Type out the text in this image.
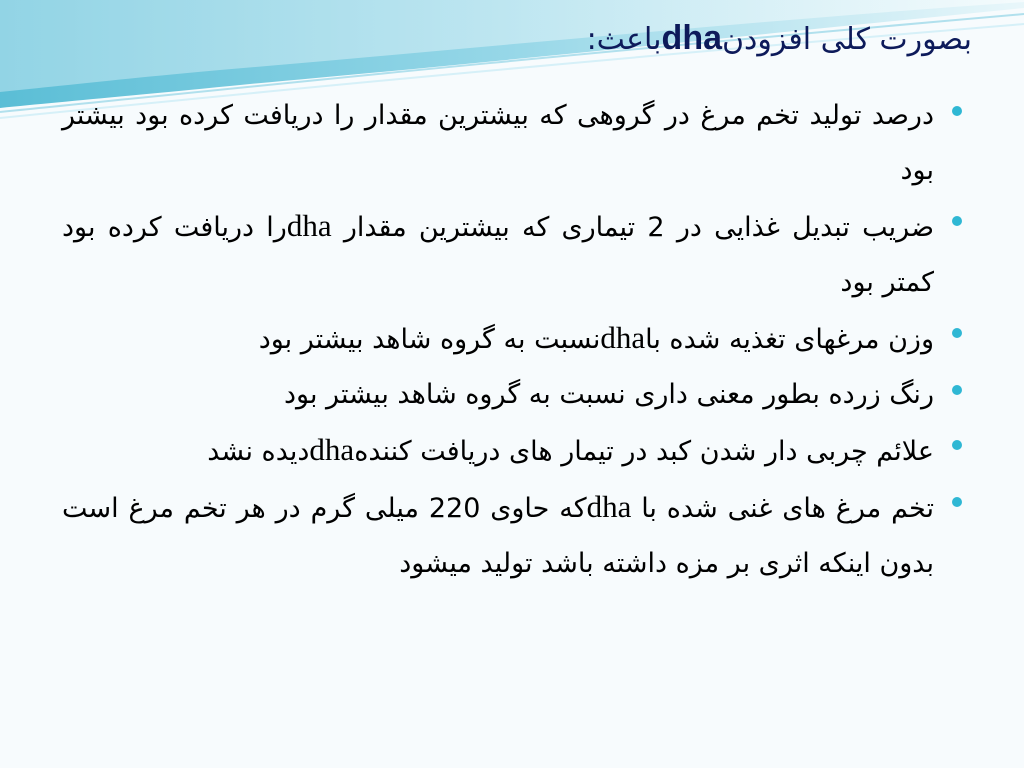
بصورت کلی افزودنdhaباعث:
درصد تولید تخم مرغ در گروهی که بیشترین مقدار را دریافت کرده بود بیشتر بود
ضریب تبدیل غذایی در 2 تیماری که بیشترین مقدار dhaرا دریافت کرده بود کمتر بود
وزن مرغهای تغذیه شده باdhaنسبت به گروه شاهد بیشتر بود
رنگ زرده بطور معنی داری نسبت به گروه شاهد بیشتر بود
علائم چربی دار شدن کبد در تیمار های دریافت کنندهdhaدیده نشد
تخم مرغ های غنی شده با dhaکه حاوی 220 میلی گرم در هر تخم مرغ است بدون اینکه اثری بر مزه داشته باشد تولید میشود
